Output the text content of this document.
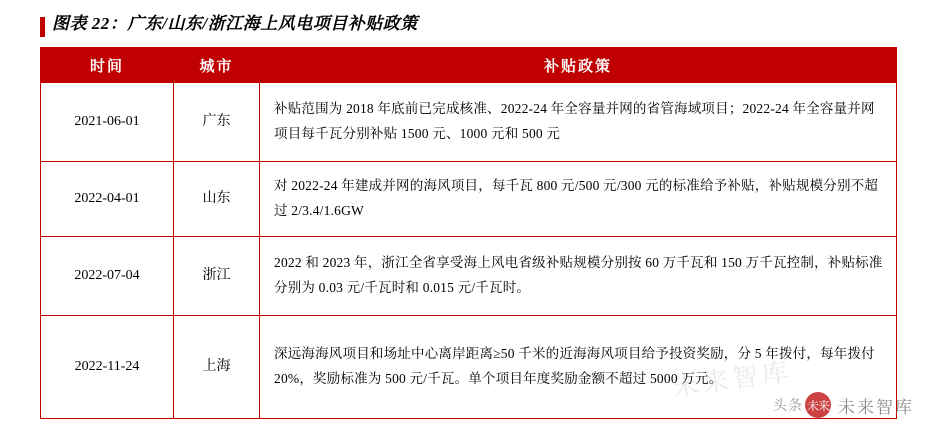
图表 22：广东/山东/浙江海上风电项目补贴政策
时间	城市	补贴政策
2021-06-01	广东	补贴范围为 2018 年底前已完成核准、2022-24 年全容量并网的省管海域项目；2022-24 年全容量并网项目每千瓦分别补贴 1500 元、1000 元和 500 元
2022-04-01	山东	对 2022-24 年建成并网的海风项目，每千瓦 800 元/500 元/300 元的标准给予补贴，补贴规模分别不超过 2/3.4/1.6GW
2022-07-04	浙江	2022 和 2023 年，浙江全省享受海上风电省级补贴规模分别按 60 万千瓦和 150 万千瓦控制，补贴标准分别为 0.03 元/千瓦时和 0.015 元/千瓦时。
2022-11-24	上海	深远海海风项目和场址中心离岸距离≥50 千米的近海海风项目给予投资奖励，分 5 年拨付，每年拨付 20%，奖励标准为 500 元/千瓦。单个项目年度奖励金额不超过 5000 万元。
未来智库
头条 未来 未来智库
